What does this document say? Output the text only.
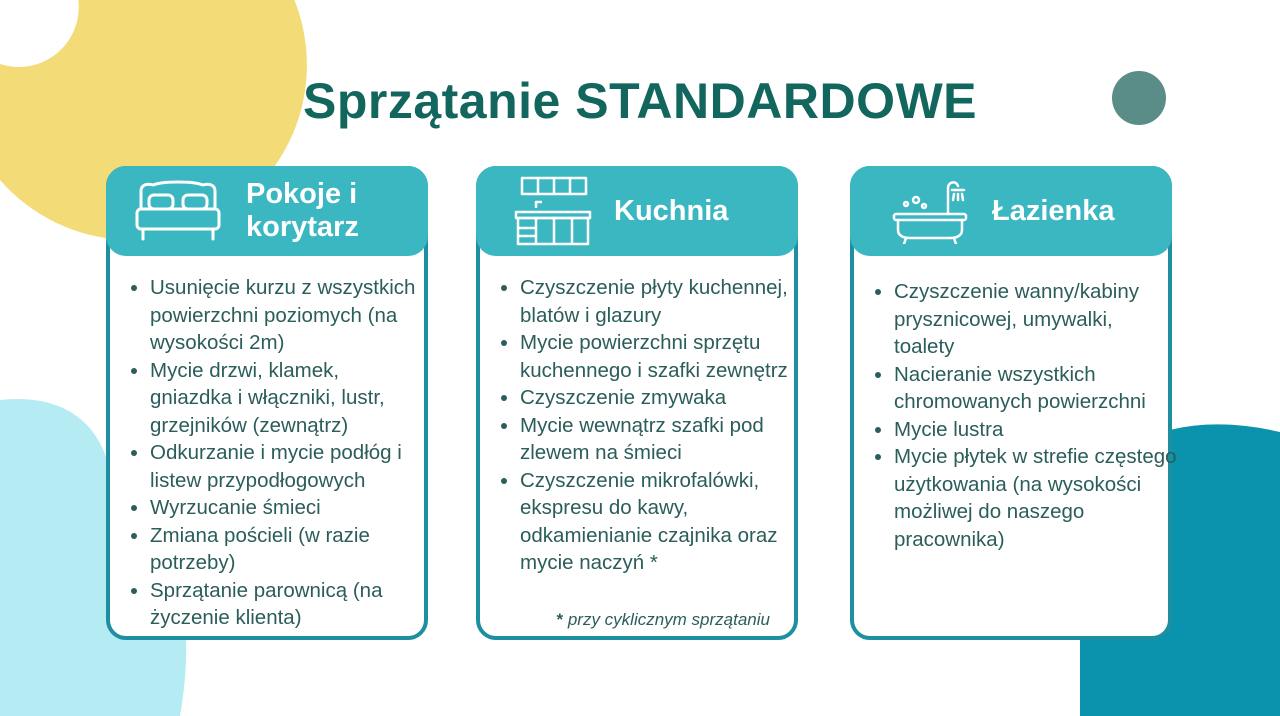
Sprzątanie STANDARDOWE
Pokoje i
korytarz
Usunięcie kurzu z wszystkich powierzchni poziomych (na wysokości 2m)
Mycie drzwi, klamek, gniazdka i włączniki, lustr, grzejników (zewnątrz)
Odkurzanie i mycie podłóg i listew przypodłogowych
Wyrzucanie śmieci
Zmiana pościeli (w razie potrzeby)
Sprzątanie parownicą (na życzenie klienta)
Kuchnia
Czyszczenie płyty kuchennej, blatów i glazury
Mycie powierzchni sprzętu kuchennego i szafki zewnętrz
Czyszczenie zmywaka
Mycie wewnątrz szafki pod zlewem na śmieci
Czyszczenie mikrofalówki, ekspresu do kawy, odkamienianie czajnika oraz mycie naczyń *
* przy cyklicznym sprzątaniu
Łazienka
Czyszczenie wanny/kabiny prysznicowej, umywalki, toalety
Nacieranie wszystkich chromowanych powierzchni
Mycie lustra
Mycie płytek w strefie częstego użytkowania (na wysokości możliwej do naszego pracownika)
